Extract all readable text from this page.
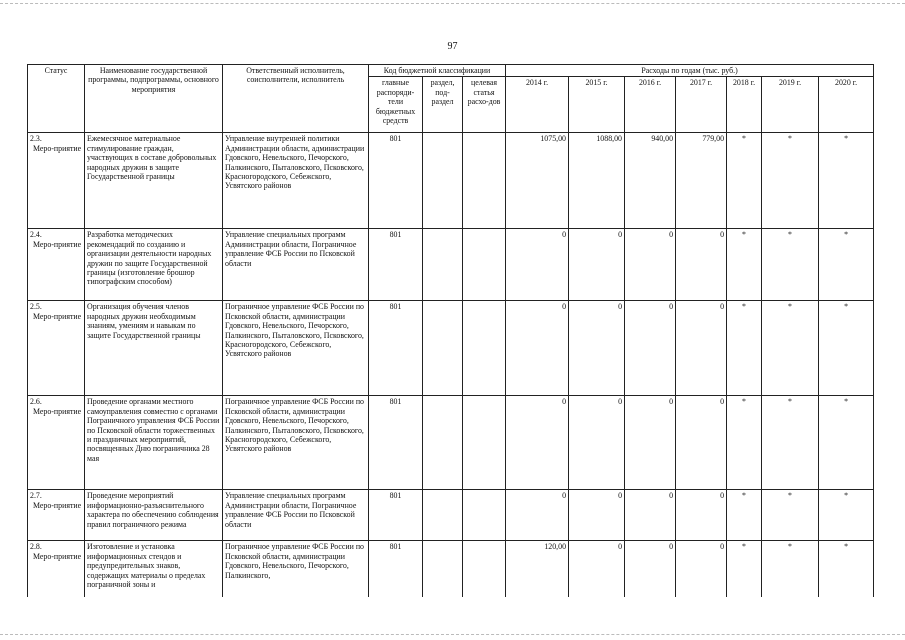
97
Статус	Наименование государственной программы, подпрограммы, основного мероприятия	Ответственный исполнитель, соисполнители, исполнитель	Код бюджетной классификации			Расходы по годам (тыс. руб.)						
			главные распоряди-тели бюджетных средств	раздел, под-раздел	целевая статья расхо-дов	2014 г.	2015 г.	2016 г.	2017 г.	2018 г.	2019 г.	2020 г.

2.3.
Меро-приятие	Ежемесячное материальное стимулирование граждан, участвующих в составе добровольных народных дружин в защите Государственной границы	Управление внутренней политики Администрации области, администрации Гдовского, Невельского, Печорского, Палкинского, Пыталовского, Псковского, Красногородского, Себежского, Усвятского районов	801			1075,00	1088,00	940,00	779,00	*	*	*

2.4.
Меро-приятие	Разработка методических рекомендаций по созданию и организации деятельности народных дружин по защите Государственной границы (изготовление брошюр типографским способом)	Управление специальных программ Администрации области, Пограничное управление ФСБ России по Псковской области	801			0	0	0	0	*	*	*

2.5.
Меро-приятие	Организация обучения членов народных дружин необходимым знаниям, умениям и навыкам по защите Государственной границы	Пограничное управление ФСБ России по Псковской области, администрации Гдовского, Невельского, Печорского, Палкинского, Пыталовского, Псковского, Красногородского, Себежского, Усвятского районов	801			0	0	0	0	*	*	*

2.6.
Меро-приятие	Проведение органами местного самоуправления совместно с органами Пограничного управления ФСБ России по Псковской области торжественных и праздничных мероприятий, посвященных Дню пограничника 28 мая	Пограничное управление ФСБ России по Псковской области, администрации Гдовского, Невельского, Печорского, Палкинского, Пыталовского, Псковского, Красногородского, Себежского, Усвятского районов	801			0	0	0	0	*	*	*

2.7.
Меро-приятие	Проведение мероприятий информационно-разъяснительного характера по обеспечению соблюдения правил пограничного режима	Управление специальных программ Администрации области, Пограничное управление ФСБ России по Псковской области	801			0	0	0	0	*	*	*

2.8.
Меро-приятие	Изготовление и установка информационных стендов и предупредительных знаков, содержащих материалы о пределах пограничной зоны и	Пограничное управление ФСБ России по Псковской области, администрации Гдовского, Невельского, Печорского, Палкинского,	801			120,00	0	0	0	*	*	*
